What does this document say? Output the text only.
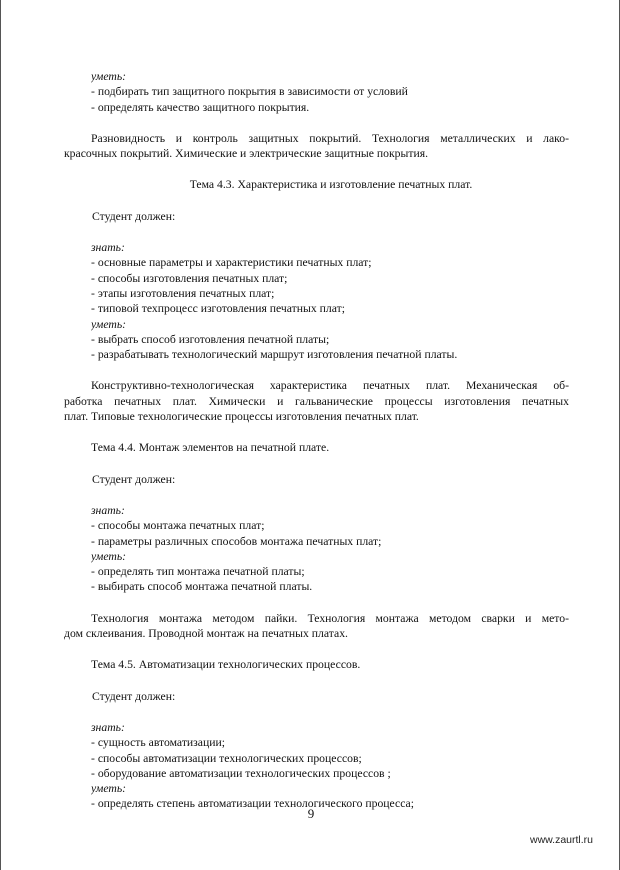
уметь:
- подбирать тип защитного покрытия в зависимости от условий
- определять качество защитного покрытия.
Разновидность и контроль защитных покрытий. Технология металлических и лако-
красочных покрытий. Химические и электрические защитные покрытия.
Тема 4.3. Характеристика и изготовление печатных плат.
Студент должен:
знать:
- основные параметры и характеристики печатных плат;
- способы изготовления печатных плат;
- этапы изготовления печатных плат;
- типовой техпроцесс изготовления печатных плат;
уметь:
- выбрать способ изготовления печатной платы;
- разрабатывать технологический маршрут изготовления печатной платы.
Конструктивно-технологическая характеристика печатных плат. Механическая об-
работка печатных плат. Химически и гальванические процессы изготовления печатных
плат. Типовые технологические процессы изготовления печатных плат.
Тема 4.4. Монтаж элементов на печатной плате.
Студент должен:
знать:
- способы монтажа печатных плат;
- параметры различных способов монтажа печатных плат;
уметь:
- определять тип монтажа печатной платы;
- выбирать способ монтажа печатной платы.
Технология монтажа методом пайки. Технология монтажа методом сварки и мето-
дом склеивания. Проводной монтаж на печатных платах.
Тема 4.5. Автоматизации технологических процессов.
Студент должен:
знать:
- сущность автоматизации;
- способы автоматизации технологических процессов;
- оборудование автоматизации технологических процессов ;
уметь:
- определять степень автоматизации технологического процесса;
9
www.zaurtl.ru
